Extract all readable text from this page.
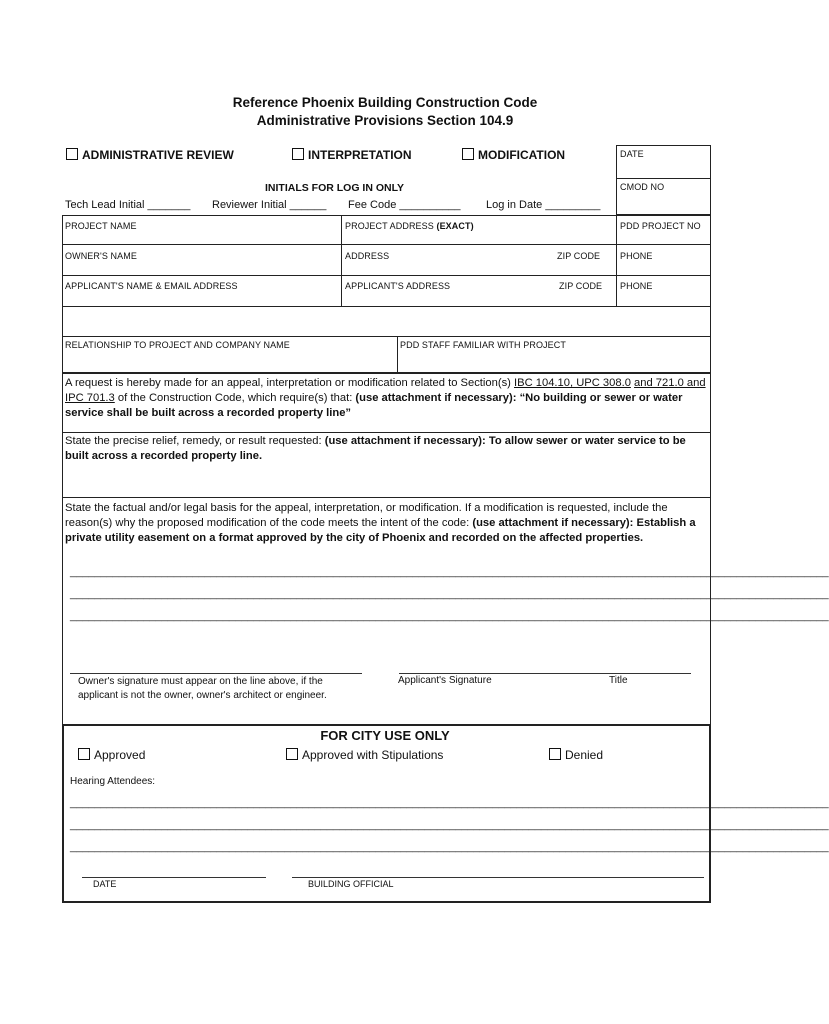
Reference Phoenix Building Construction Code
Administrative Provisions Section 104.9
ADMINISTRATIVE REVIEW	INTERPRETATION	MODIFICATION	DATE
CMOD NO
INITIALS FOR LOG IN ONLY
Tech Lead Initial _______ Reviewer Initial ______ Fee Code __________ Log in Date _________
PROJECT NAME	PROJECT ADDRESS (EXACT)	PDD PROJECT NO
OWNER'S NAME	ADDRESS	ZIP CODE PHONE
APPLICANT'S NAME & EMAIL ADDRESS	APPLICANT'S ADDRESS	ZIP CODE PHONE
RELATIONSHIP TO PROJECT AND COMPANY NAME	PDD STAFF FAMILIAR WITH PROJECT
A request is hereby made for an appeal, interpretation or modification related to Section(s) IBC 104.10, UPC 308.0 and 721.0 and IPC 701.3 of the Construction Code, which require(s) that: (use attachment if necessary): “No building or sewer or water service shall be built across a recorded property line”
State the precise relief, remedy, or result requested: (use attachment if necessary): To allow sewer or water service to be built across a recorded property line.
State the factual and/or legal basis for the appeal, interpretation, or modification. If a modification is requested, include the reason(s) why the proposed modification of the code meets the intent of the code: (use attachment if necessary): Establish a private utility easement on a format approved by the city of Phoenix and recorded on the affected properties.
____________________________________________________________________________________________________________________________
____________________________________________________________________________________________________________________________
____________________________________________________________________________________________________________________________
Owner's signature must appear on the line above, if the
applicant is not the owner, owner's architect or engineer.
Applicant's Signature	Title
FOR CITY USE ONLY
Approved	Approved with Stipulations	Denied
Hearing Attendees:
____________________________________________________________________________________________________________________________
____________________________________________________________________________________________________________________________
____________________________________________________________________________________________________________________________
DATE	BUILDING OFFICIAL
